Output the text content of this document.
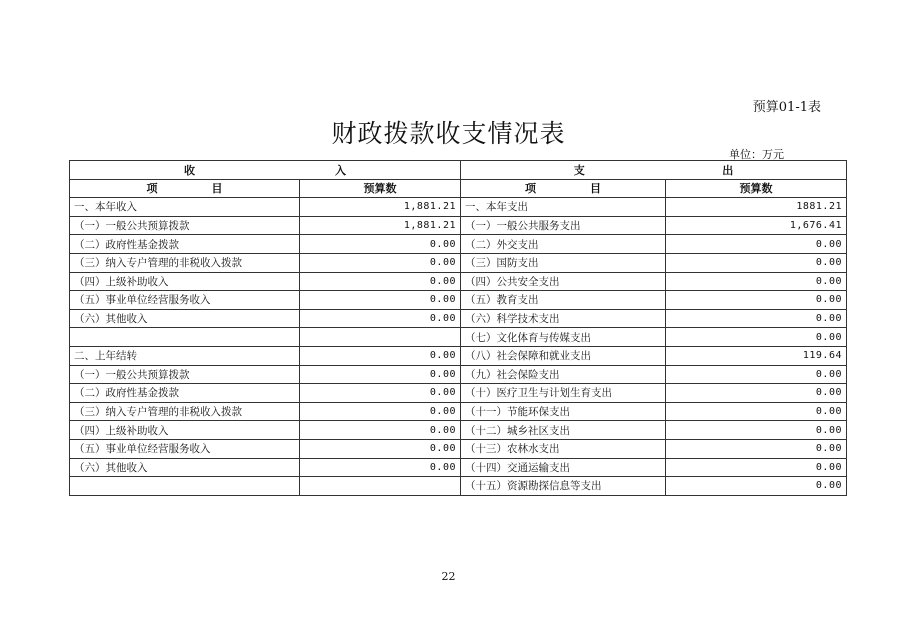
预算01-1表
财政拨款收支情况表
单位：万元
收 入		支 出	

项 目	预算数	项 目	预算数
一、本年收入	1,881.21	一、本年支出	1881.21
（一）一般公共预算拨款	1,881.21	（一）一般公共服务支出	1,676.41
（二）政府性基金拨款	0.00	（二）外交支出	0.00
（三）纳入专户管理的非税收入拨款	0.00	（三）国防支出	0.00
（四）上级补助收入	0.00	（四）公共安全支出	0.00
（五）事业单位经营服务收入	0.00	（五）教育支出	0.00
（六）其他收入	0.00	（六）科学技术支出	0.00
		（七）文化体育与传媒支出	0.00
二、上年结转	0.00	（八）社会保障和就业支出	119.64
（一）一般公共预算拨款	0.00	（九）社会保险支出	0.00
（二）政府性基金拨款	0.00	（十）医疗卫生与计划生育支出	0.00
（三）纳入专户管理的非税收入拨款	0.00	（十一）节能环保支出	0.00
（四）上级补助收入	0.00	（十二）城乡社区支出	0.00
（五）事业单位经营服务收入	0.00	（十三）农林水支出	0.00
（六）其他收入	0.00	（十四）交通运输支出	0.00
		（十五）资源勘探信息等支出	0.00
22
